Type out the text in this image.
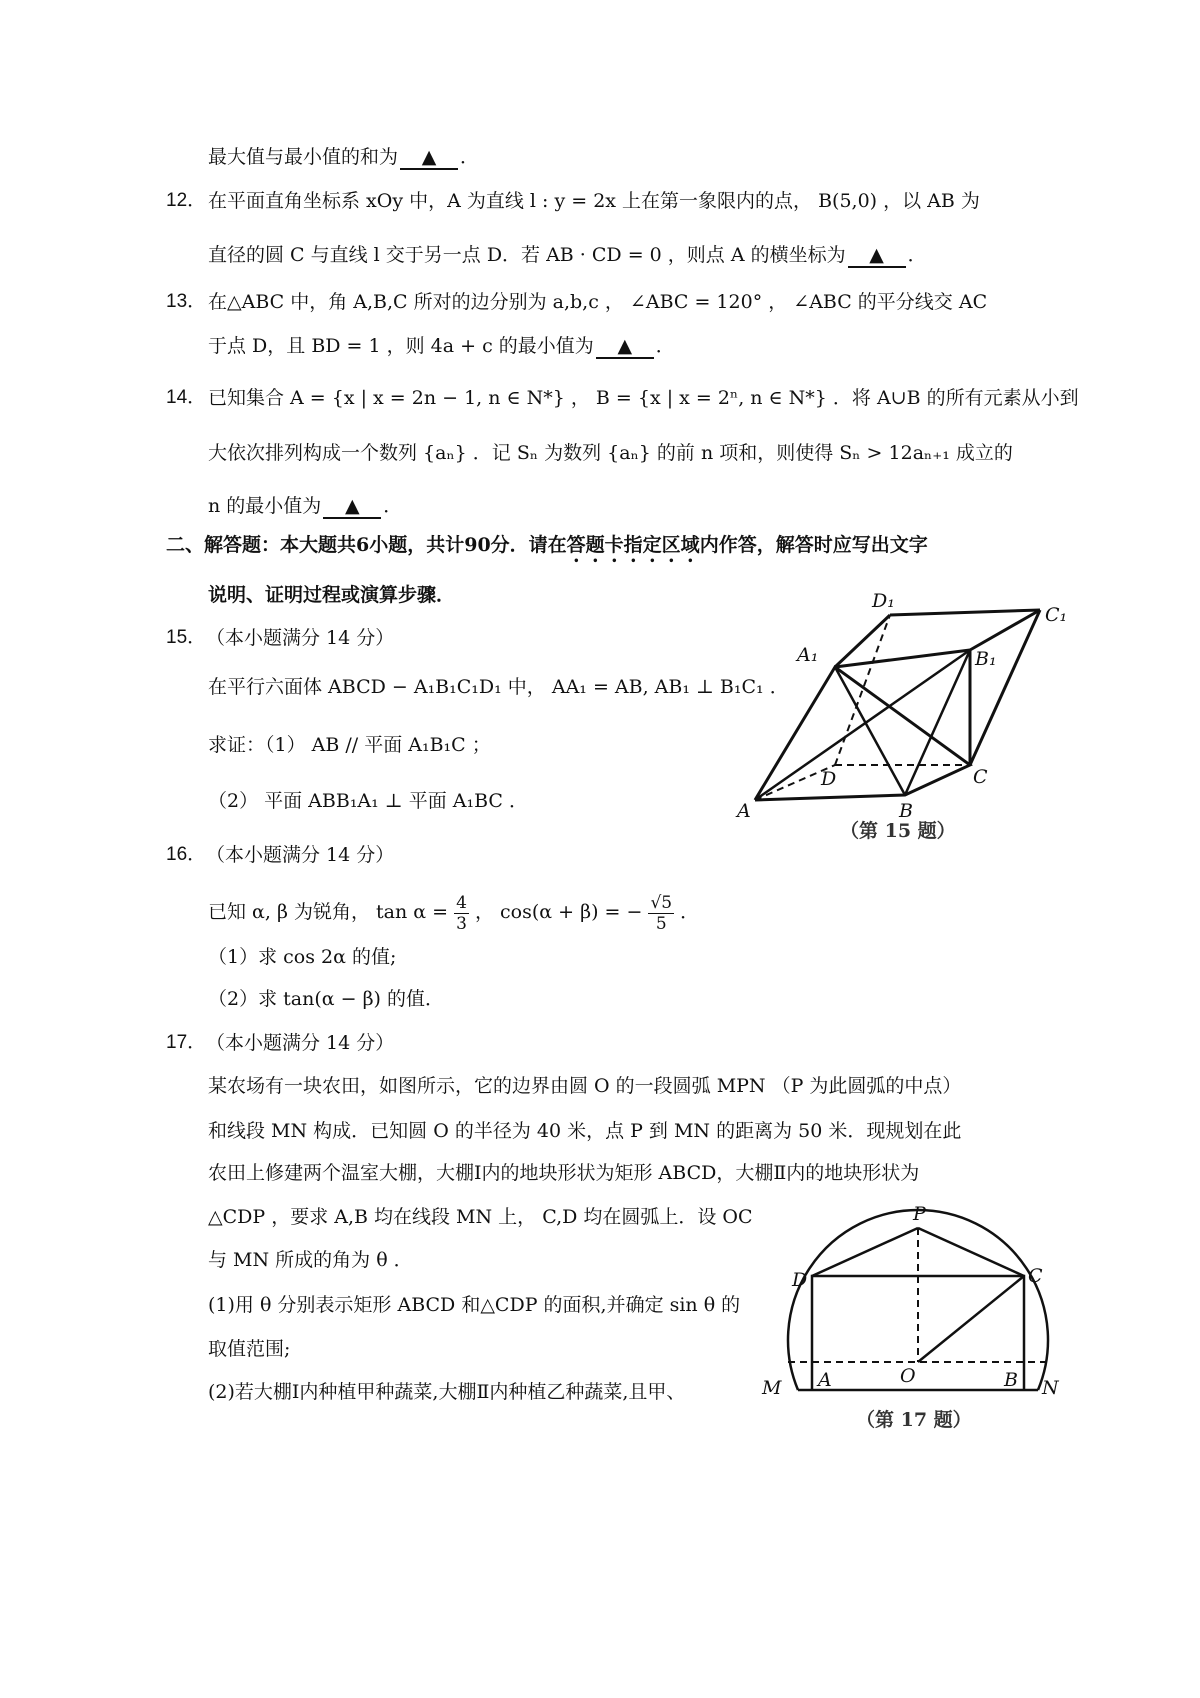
最大值与最小值的和为 ▲ ．
12． 在平面直角坐标系 xOy 中，A 为直线 l : y = 2x 上在第一象限内的点， B(5,0) ，以 AB 为
直径的圆 C 与直线 l 交于另一点 D．若 AB · CD = 0 ，则点 A 的横坐标为 ▲ ．
13． 在△ABC 中，角 A,B,C 所对的边分别为 a,b,c ， ∠ABC = 120° ， ∠ABC 的平分线交 AC
于点 D，且 BD = 1 ，则 4a + c 的最小值为 ▲ ．
14． 已知集合 A = {x | x = 2n − 1, n ∈ N*} ， B = {x | x = 2ⁿ, n ∈ N*} ．将 A∪B 的所有元素从小到
大依次排列构成一个数列 {aₙ} ．记 Sₙ 为数列 {aₙ} 的前 n 项和，则使得 Sₙ > 12aₙ₊₁ 成立的
n 的最小值为 ▲ ．
二、解答题：本大题共6小题，共计90分．请在答题卡指定区域内作答，解答时应写出文字
说明、证明过程或演算步骤．
15． （本小题满分 14 分）
在平行六面体 ABCD − A₁B₁C₁D₁ 中， AA₁ = AB, AB₁ ⊥ B₁C₁ ．
求证：（1） AB // 平面 A₁B₁C ；
（2） 平面 ABB₁A₁ ⊥ 平面 A₁BC ．	A	B
C
D
A₁	B₁
C₁
D₁
（第 15 题）
16． （本小题满分 14 分）
已知 α, β 为锐角， $\tan \alpha = \frac{4}{3}$ ， cos(α + β) = − $\frac{√5}{5}$ ．
（1）求 cos 2α 的值;
（2）求 tan(α − β) 的值．
17． （本小题满分 14 分）
某农场有一块农田，如图所示，它的边界由圆 O 的一段圆弧 MPN （P 为此圆弧的中点）
和线段 MN 构成．已知圆 O 的半径为 40 米，点 P 到 MN 的距离为 50 米．现规划在此
农田上修建两个温室大棚，大棚Ⅰ内的地块形状为矩形 ABCD，大棚Ⅱ内的地块形状为
△CDP ，要求 A,B 均在线段 MN 上， C,D 均在圆弧上．设 OC
与 MN 所成的角为 θ ．
(1)用 θ 分别表示矩形 ABCD 和△CDP 的面积,并确定 sin θ 的
取值范围;
(2)若大棚Ⅰ内种植甲种蔬菜,大棚Ⅱ内种植乙种蔬菜,且甲、
P
D	C
O
M A	B N
（第 17 题）
